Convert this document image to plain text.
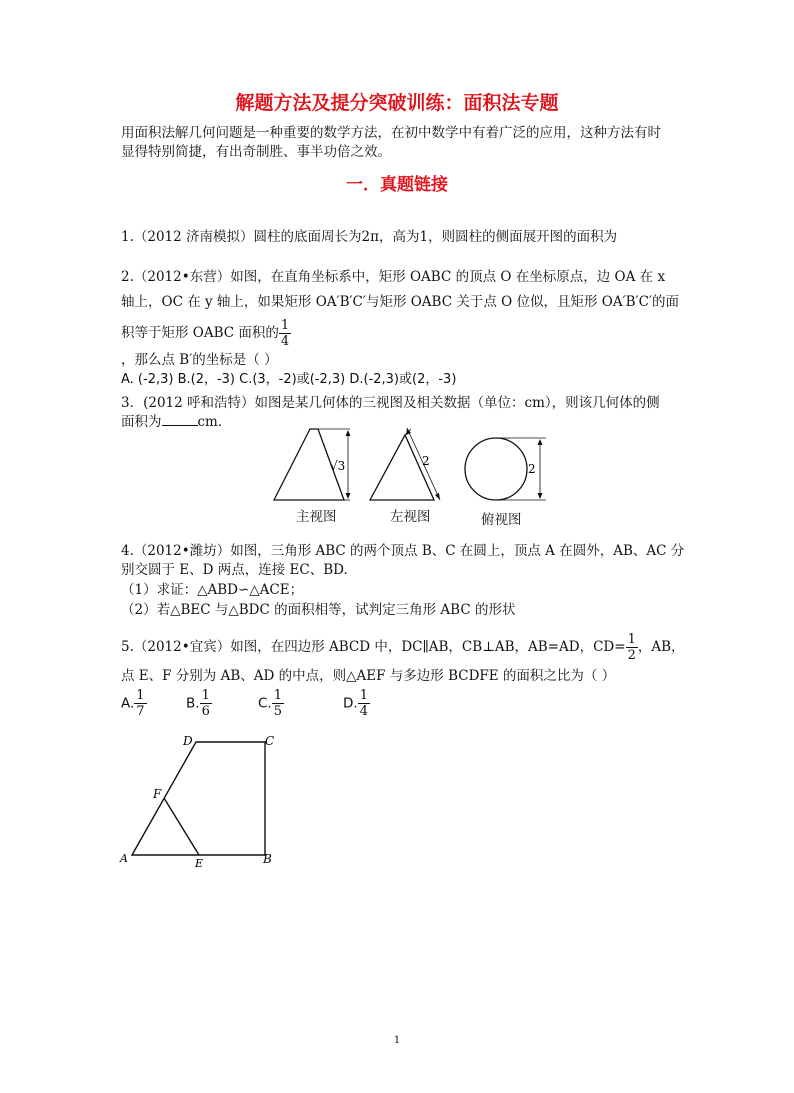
解题方法及提分突破训练：面积法专题
用面积法解几何问题是一种重要的数学方法，在初中数学中有着广泛的应用，这种方法有时
显得特别简捷，有出奇制胜、事半功倍之效。
一．真题链接
1.（2012 济南模拟）圆柱的底面周长为2π，高为1，则圆柱的侧面展开图的面积为
2.（2012•东营）如图，在直角坐标系中，矩形 OABC 的顶点 O 在坐标原点，边 OA 在 x
轴上，OC 在 y 轴上，如果矩形 OA′B′C′与矩形 OABC 关于点 O 位似，且矩形 OA′B′C′的面
积等于矩形 OABC 面积的 $\frac{1}{4}$
，那么点 B′的坐标是（ ）
A. (-2,3) B.(2，-3) C.(3，-2)或(-2,3) D.(-2,3)或(2，-3)
3．(2012 呼和浩特）如图是某几何体的三视图及相关数据（单位：cm），则该几何体的侧
面积为	cm．
√3	2
2
主视图	左视图	俯视图
4.（2012•潍坊）如图，三角形 ABC 的两个顶点 B、C 在圆上，顶点 A 在圆外，AB、AC 分
别交圆于 E、D 两点，连接 EC、BD.
（1）求证：△ABD∽△ACE；
（2）若△BEC 与△BDC 的面积相等，试判定三角形 ABC 的形状
5.（2012•宜宾）如图，在四边形 ABCD 中，DC∥AB，CB⊥AB，AB=AD，$CD= \frac{1}{2}$ ，AB，
点 E、F 分别为 AB、AD 的中点，则△AEF 与多边形 BCDFE 的面积之比为（ ）
A. $\frac{1}{7}$	B. $\frac{1}{6}$	C. $\frac{1}{5}$	D. $\frac{1}{4}$
D	C
F
A	E	B
1
